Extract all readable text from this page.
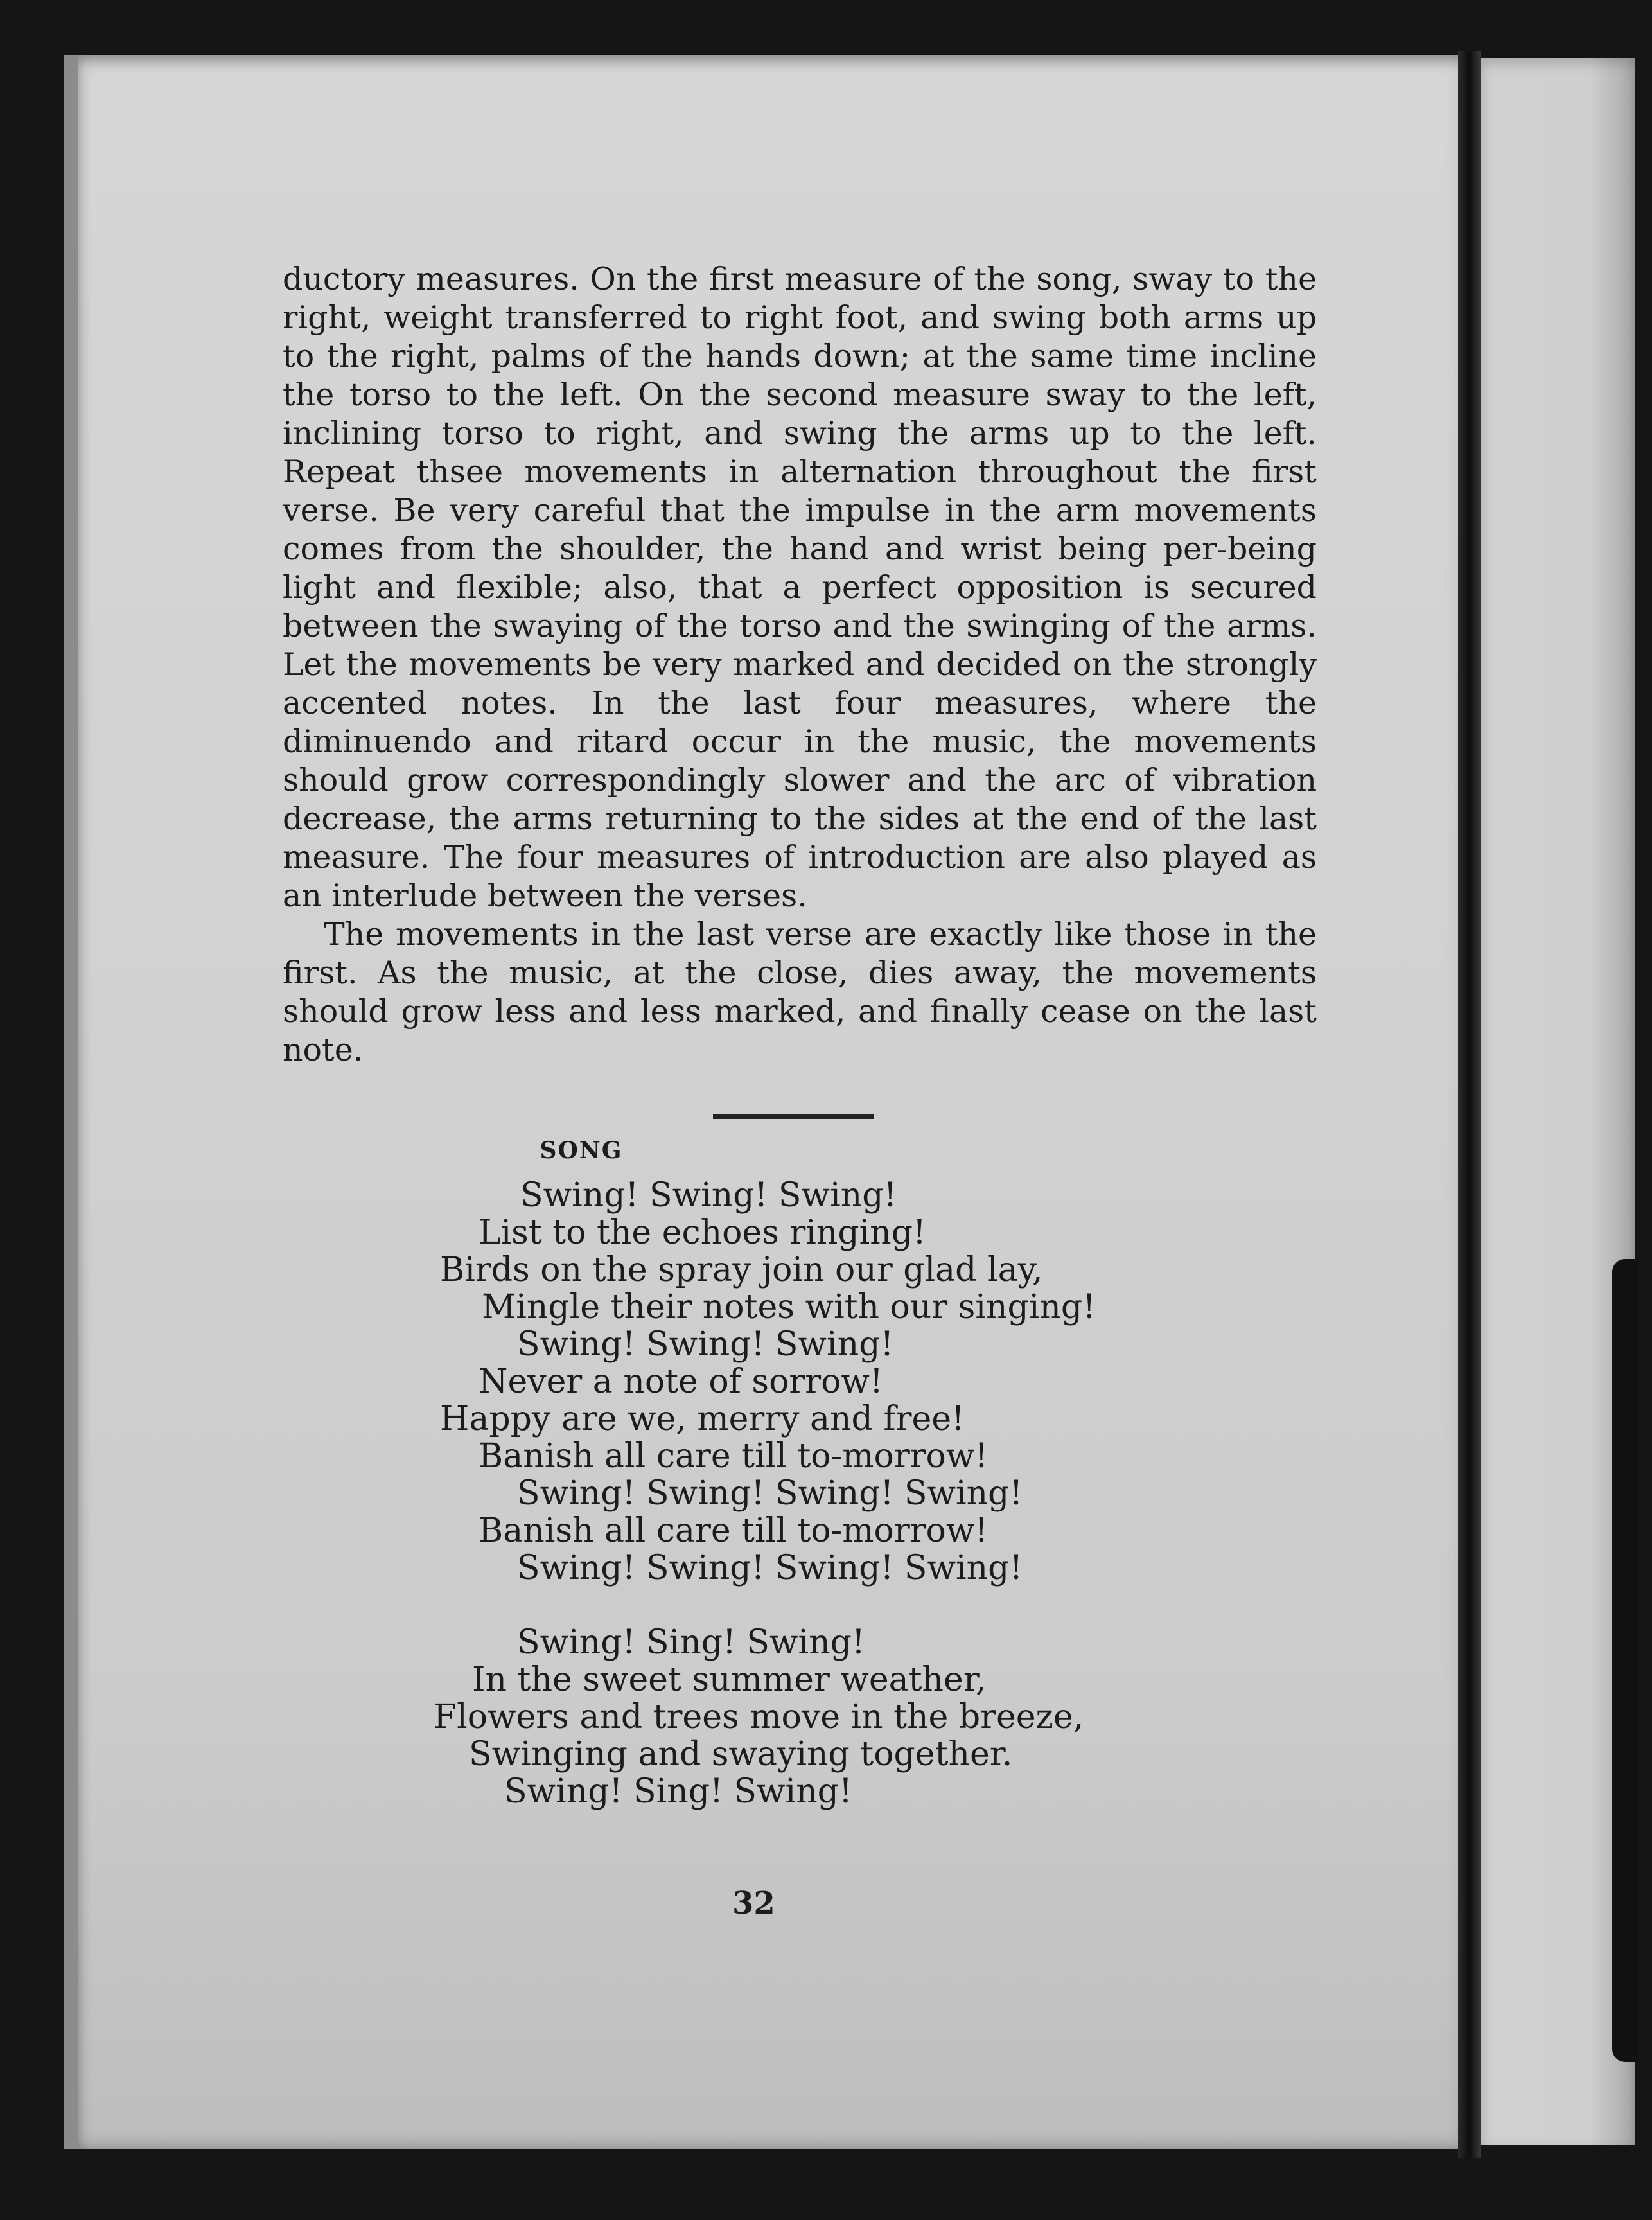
ductory measures. On the first measure of the song, sway to the right, weight transferred to right foot, and swing both arms up to the right, palms of the hands down; at the same time incline the torso to the left. On the second measure sway to the left, inclining torso to right, and swing the arms up to the left. Repeat thsee movements in alternation throughout the first verse. Be very careful that the impulse in the arm movements comes from the shoulder, the hand and wrist being per-being light and flexible; also, that a perfect opposition is secured between the swaying of the torso and the swinging of the arms. Let the movements be very marked and decided on the strongly accented notes. In the last four measures, where the diminuendo and ritard occur in the music, the movements should grow correspondingly slower and the arc of vibration decrease, the arms returning to the sides at the end of the last measure. The four measures of introduction are also played as an interlude between the verses.

The movements in the last verse are exactly like those in the first. As the music, at the close, dies away, the movements should grow less and less marked, and finally cease on the last note.

SONG
Swing! Swing! Swing!
List to the echoes ringing!
Birds on the spray join our glad lay,
Mingle their notes with our singing!
Swing! Swing! Swing!
Never a note of sorrow!
Happy are we, merry and free!
Banish all care till to-morrow!
Swing! Swing! Swing! Swing!
Banish all care till to-morrow!
Swing! Swing! Swing! Swing!
Swing! Sing! Swing!
In the sweet summer weather,
Flowers and trees move in the breeze,
Swinging and swaying together.
Swing! Sing! Swing!
32
